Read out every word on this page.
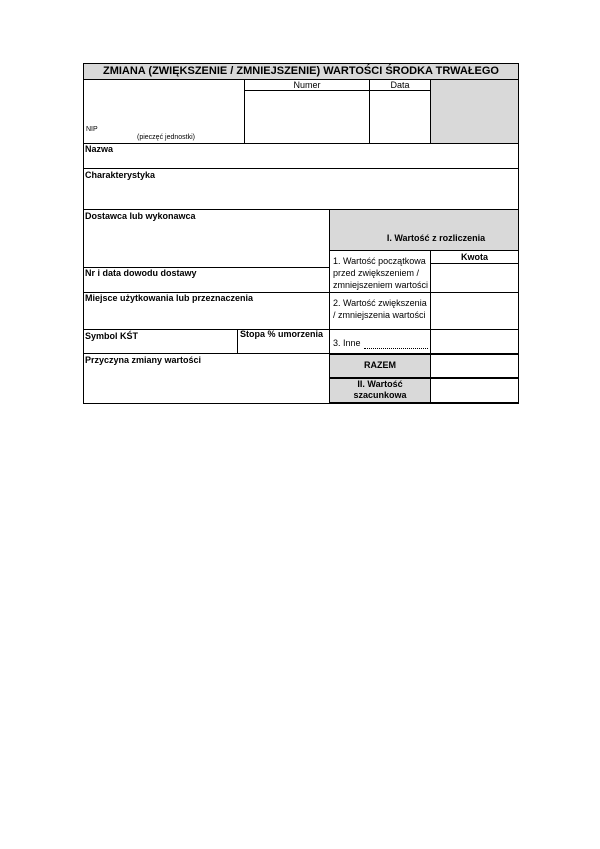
ZMIANA (ZWIĘKSZENIE / ZMNIEJSZENIE) WARTOŚCI ŚRODKA TRWAŁEGO
Numer	Data
NIP
(pieczęć jednostki)
Nazwa
Charakterystyka
Dostawca lub wykonawca
Nr i data dowodu dostawy
Miejsce użytkowania lub przeznaczenia
Symbol KŚT	Stopa % umorzenia
Przyczyna zmiany wartości
I. Wartość z rozliczenia
Kwota
1. Wartość początkowa
przed zwiększeniem /
zmniejszeniem wartości
2. Wartość zwiększenia
/ zmniejszenia wartości
3. Inne
RAZEM
II. Wartość
szacunkowa
